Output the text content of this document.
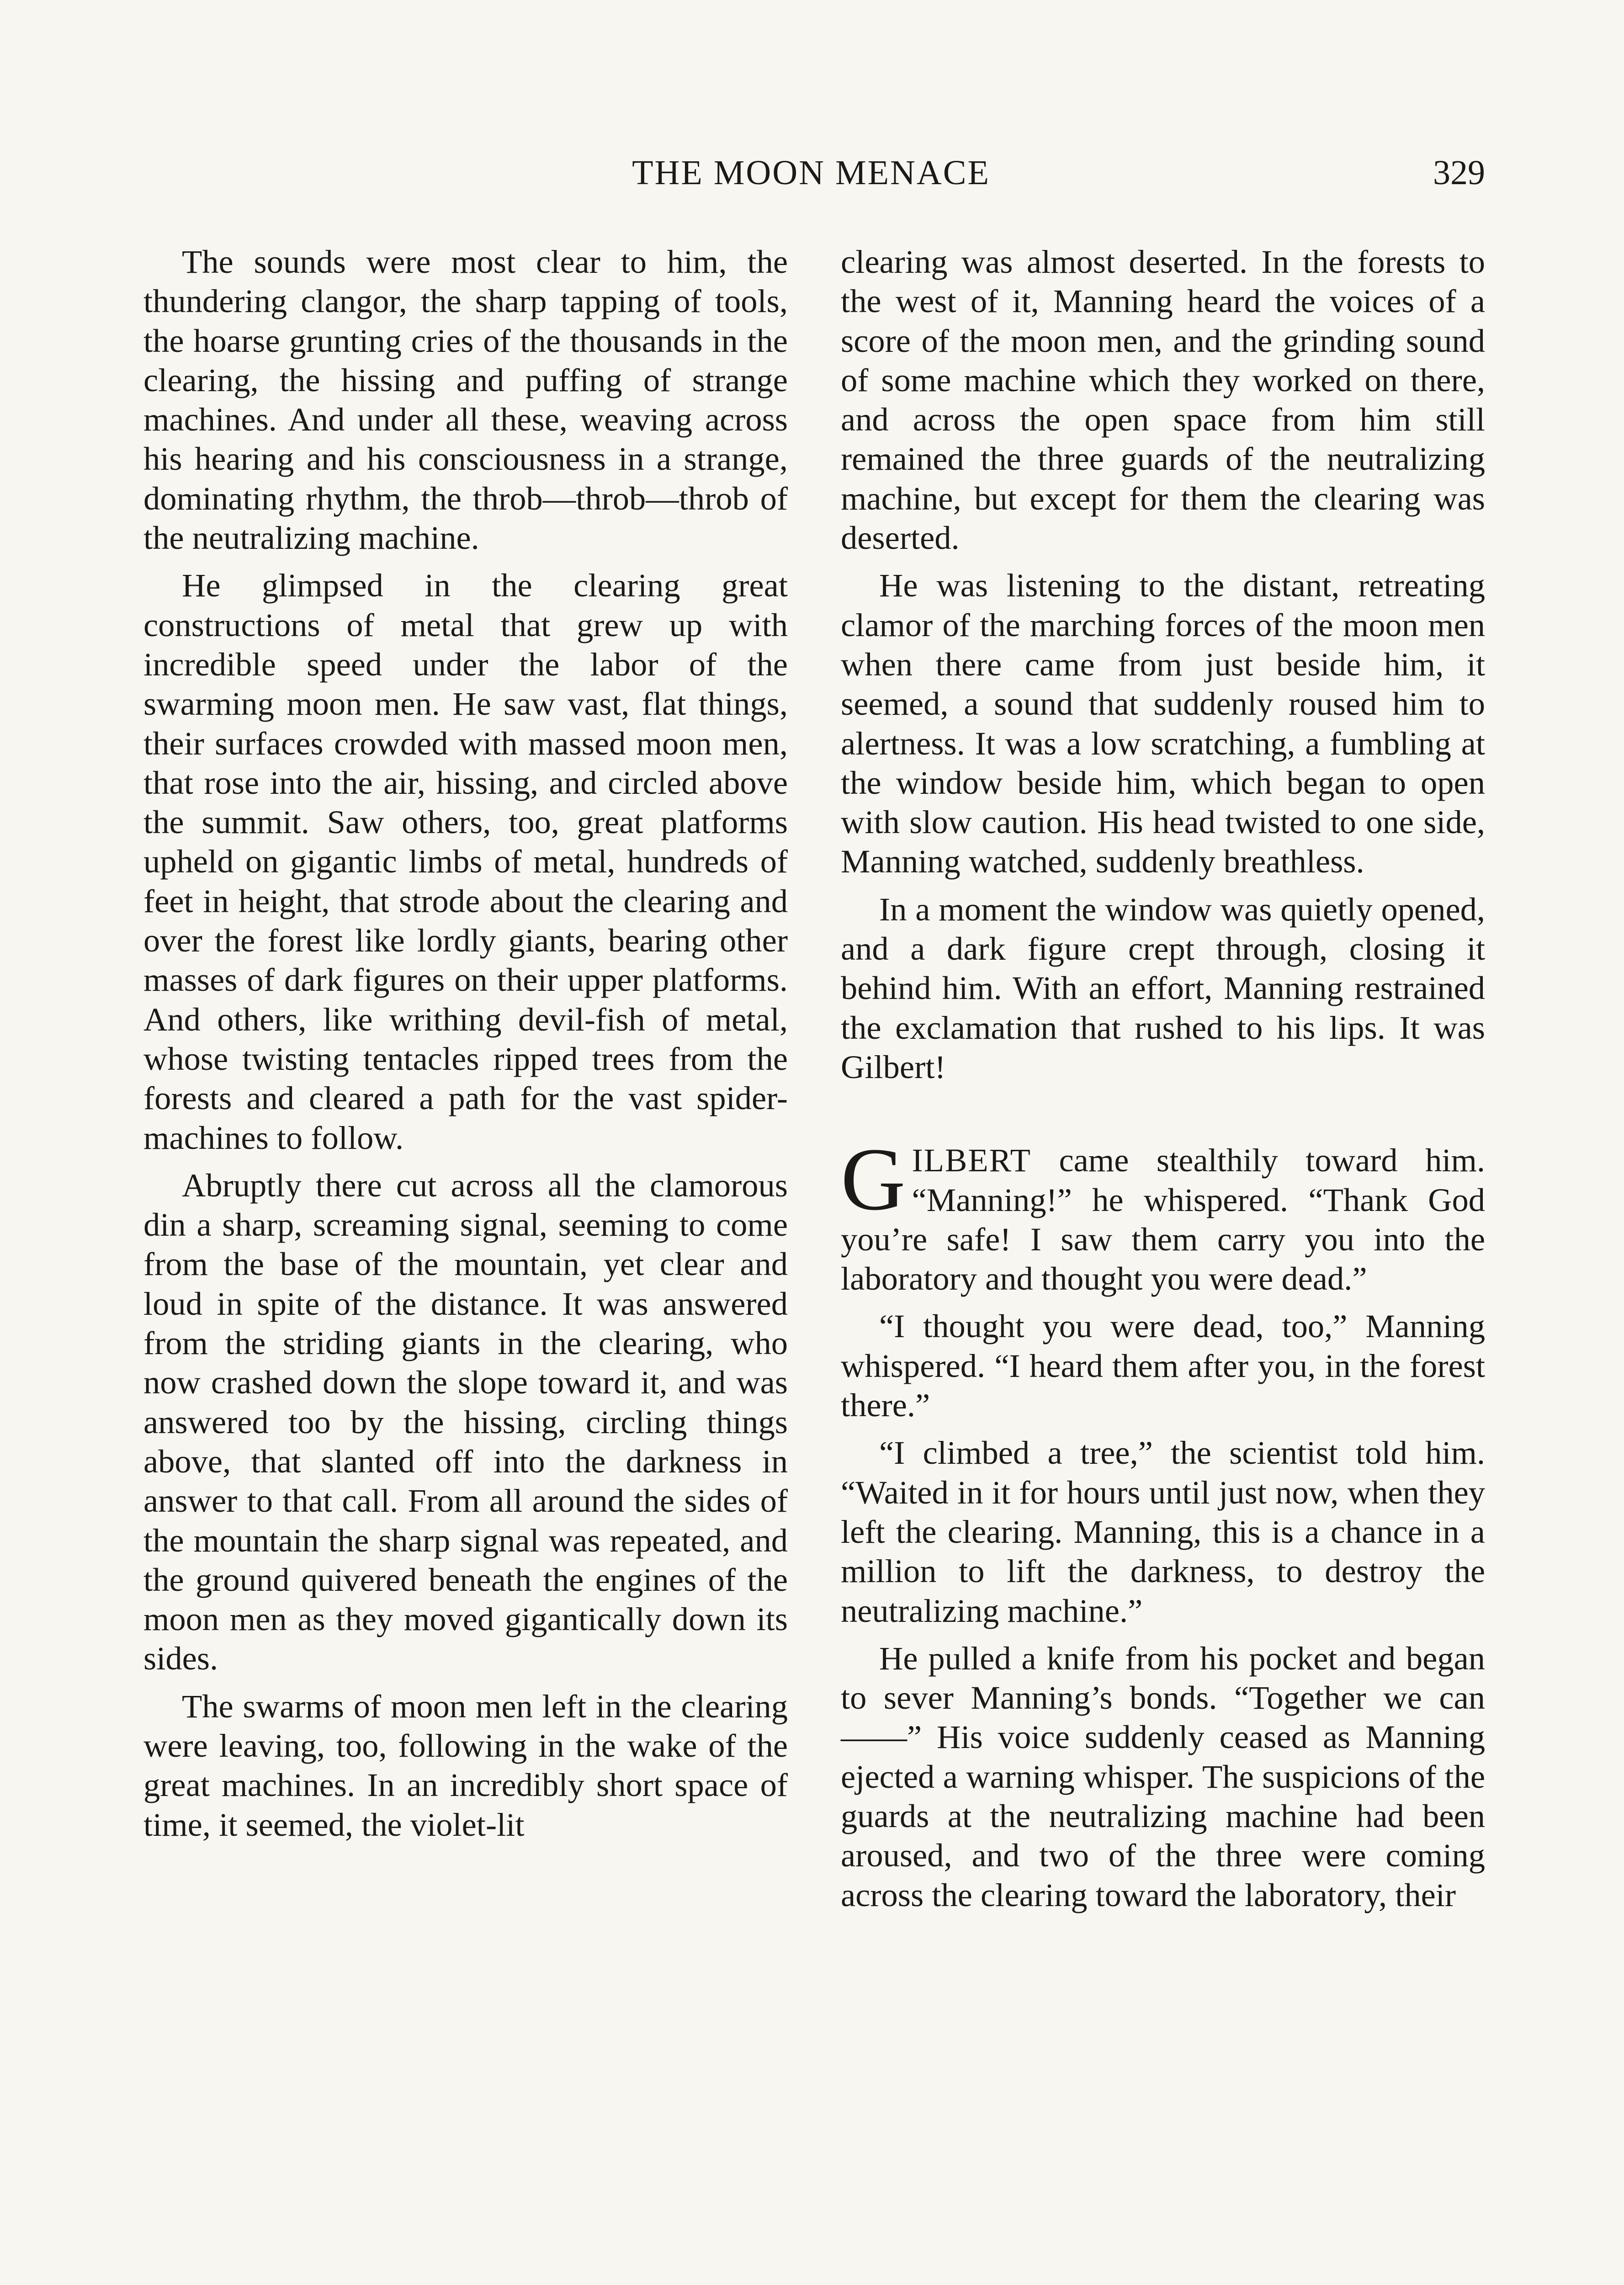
THE MOON MENACE	329

The sounds were most clear to him, the thundering clangor, the sharp tapping of tools, the hoarse grunting cries of the thousands in the clearing, the hissing and puffing of strange machines. And under all these, weaving across his hearing and his consciousness in a strange, dominating rhythm, the throb—throb—throb of the neutralizing machine.

He glimpsed in the clearing great constructions of metal that grew up with incredible speed under the labor of the swarming moon men. He saw vast, flat things, their surfaces crowded with massed moon men, that rose into the air, hissing, and circled above the summit. Saw others, too, great platforms upheld on gigantic limbs of metal, hundreds of feet in height, that strode about the clearing and over the forest like lordly giants, bearing other masses of dark figures on their upper platforms. And others, like writhing devil-fish of metal, whose twisting tentacles ripped trees from the forests and cleared a path for the vast spider-machines to follow.

Abruptly there cut across all the clamorous din a sharp, screaming signal, seeming to come from the base of the mountain, yet clear and loud in spite of the distance. It was answered from the striding giants in the clearing, who now crashed down the slope toward it, and was answered too by the hissing, circling things above, that slanted off into the darkness in answer to that call. From all around the sides of the mountain the sharp signal was repeated, and the ground quivered beneath the engines of the moon men as they moved gigantically down its sides.

The swarms of moon men left in the clearing were leaving, too, following in the wake of the great machines. In an incredibly short space of time, it seemed, the violet-lit

clearing was almost deserted. In the forests to the west of it, Manning heard the voices of a score of the moon men, and the grinding sound of some machine which they worked on there, and across the open space from him still remained the three guards of the neutralizing machine, but except for them the clearing was deserted.

He was listening to the distant, retreating clamor of the marching forces of the moon men when there came from just beside him, it seemed, a sound that suddenly roused him to alertness. It was a low scratching, a fumbling at the window beside him, which began to open with slow caution. His head twisted to one side, Manning watched, suddenly breathless.

In a moment the window was quietly opened, and a dark figure crept through, closing it behind him. With an effort, Manning restrained the exclamation that rushed to his lips. It was Gilbert!

GILBERT came stealthily toward him. “Manning!” he whispered. “Thank God you’re safe! I saw them carry you into the laboratory and thought you were dead.”

“I thought you were dead, too,” Manning whispered. “I heard them after you, in the forest there.”

“I climbed a tree,” the scientist told him. “Waited in it for hours until just now, when they left the clearing. Manning, this is a chance in a million to lift the darkness, to destroy the neutralizing machine.”

He pulled a knife from his pocket and began to sever Manning’s bonds. “Together we can——” His voice suddenly ceased as Manning ejected a warning whisper. The suspicions of the guards at the neutralizing machine had been aroused, and two of the three were coming across the clearing toward the laboratory, their
